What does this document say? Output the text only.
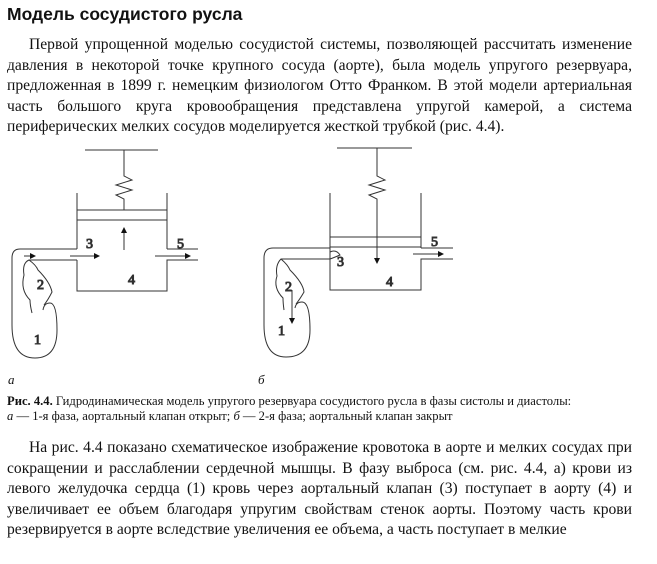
Модель сосудистого русла

Первой упрощенной моделью сосудистой системы, позволяющей рассчитать изменение давления в некоторой точке крупного сосуда (аорте), была модель упругого резервуара, предложенная в 1899 г. немецким физиологом Отто Франком. В этой модели артериальная часть большого круга кровообращения представлена упругой камерой, а система периферических мелких сосудов моделируется жесткой трубкой (рис. 4.4).

3	5
4
2
1
3
5
4
2
1
а	б
Рис. 4.4. Гидродинамическая модель упругого резервуара сосудистого русла в фазы систолы и диастолы:
а — 1-я фаза, аортальный клапан открыт; б — 2-я фаза; аортальный клапан закрыт

На рис. 4.4 показано схематическое изображение кровотока в аорте и мелких сосудах при сокращении и расслаблении сердечной мышцы. В фазу выброса (см. рис. 4.4, а) крови из левого желудочка сердца (1) кровь через аортальный клапан (3) поступает в аорту (4) и увеличивает ее объем благодаря упругим свойствам стенок аорты. Поэтому часть крови резервируется в аорте вследствие увеличения ее объема, а часть поступает в мелкие
